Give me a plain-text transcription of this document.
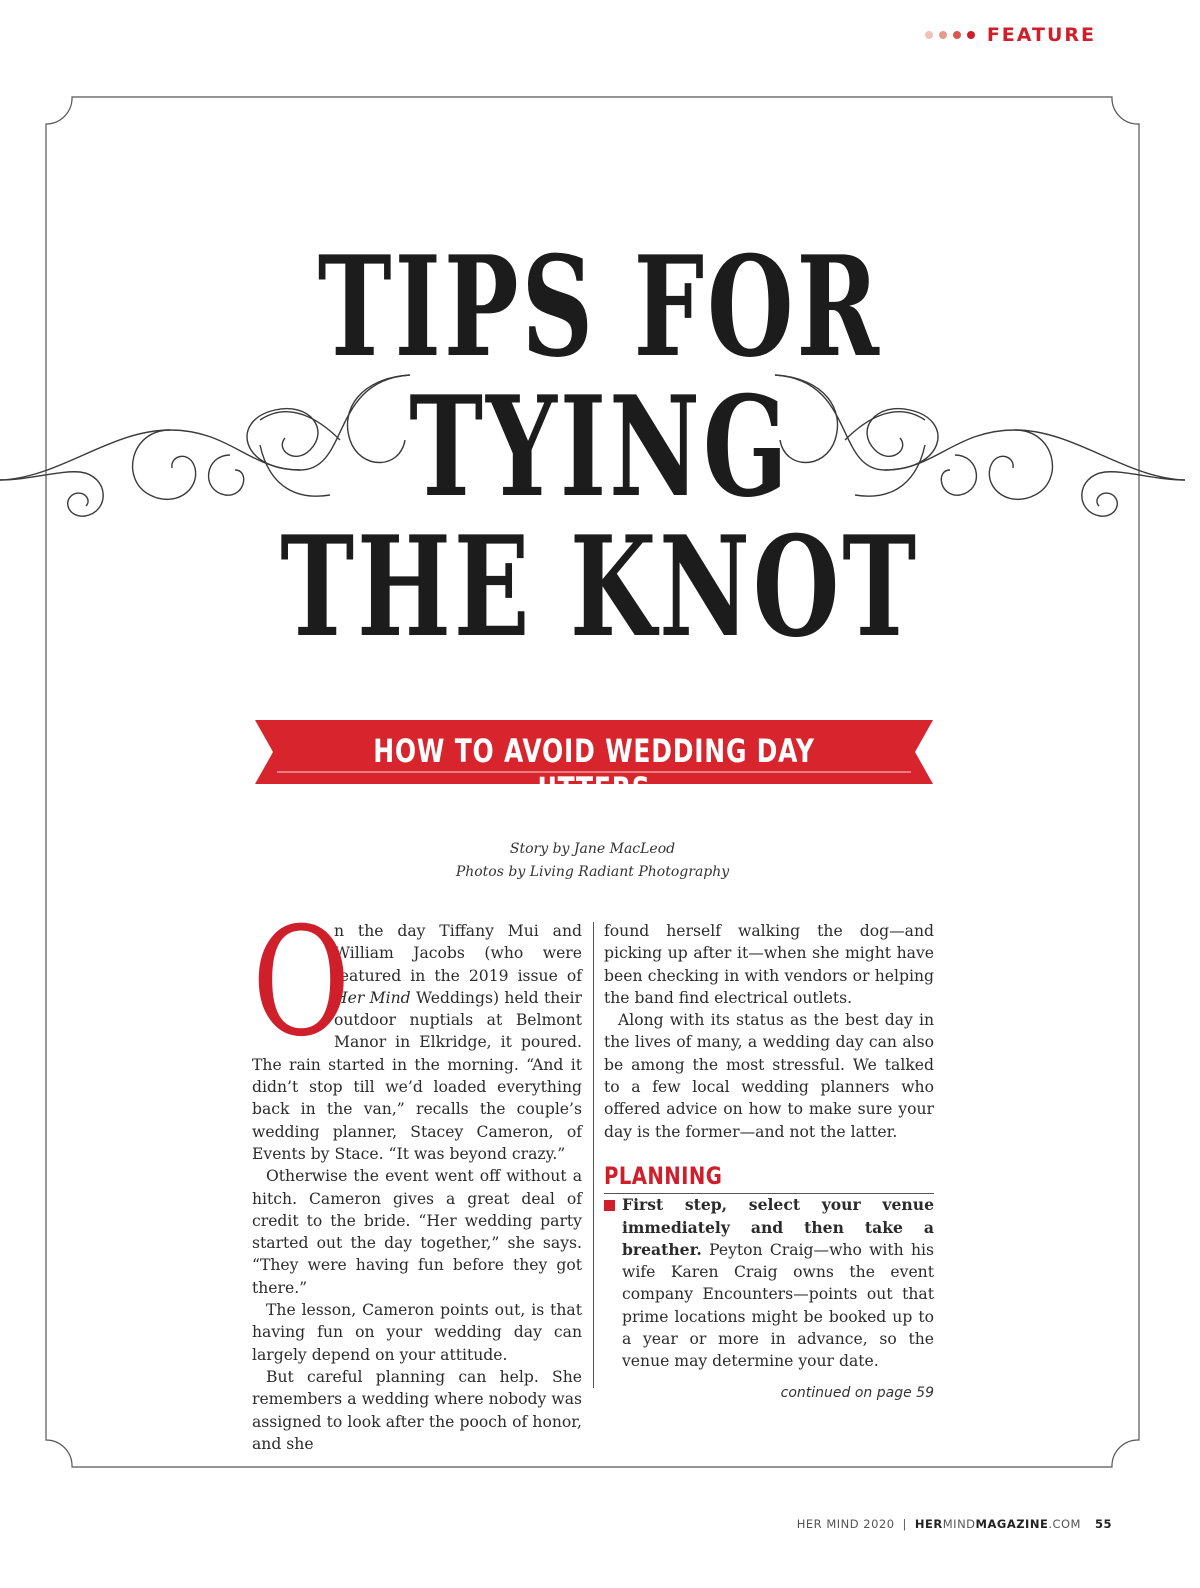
FEATURE
TIPS FOR
TYING
THE KNOT
HOW TO AVOID WEDDING DAY JITTERS
Story by Jane MacLeod
Photos by Living Radiant Photography

O
n the day Tiffany Mui and William Jacobs (who were featured in the 2019 issue of Her Mind Weddings) held their outdoor nuptials at Belmont Manor in Elkridge, it poured. The rain started in the morning. “And it didn’t stop till we’d loaded everything back in the van,” recalls the couple’s wedding planner, Stacey Cameron, of Events by Stace. “It was beyond crazy.”

Otherwise the event went off without a hitch. Cameron gives a great deal of credit to the bride. “Her wedding party started out the day together,” she says. “They were having fun before they got there.”

The lesson, Cameron points out, is that having fun on your wedding day can largely depend on your attitude.

But careful planning can help. She remembers a wedding where nobody was assigned to look after the pooch of honor, and she

found herself walking the dog—and picking up after it—when she might have been checking in with vendors or helping the band find electrical outlets.

Along with its status as the best day in the lives of many, a wedding day can also be among the most stressful. We talked to a few local wedding planners who offered advice on how to make sure your day is the former—and not the latter.

PLANNING

First step, select your venue immediately and then take a breather. Peyton Craig—who with his wife Karen Craig owns the event company Encounters—points out that prime locations might be booked up to a year or more in advance, so the venue may determine your date.

continued on page 59
HER MIND 2020 | HERMINDMAGAZINE.COM 55
